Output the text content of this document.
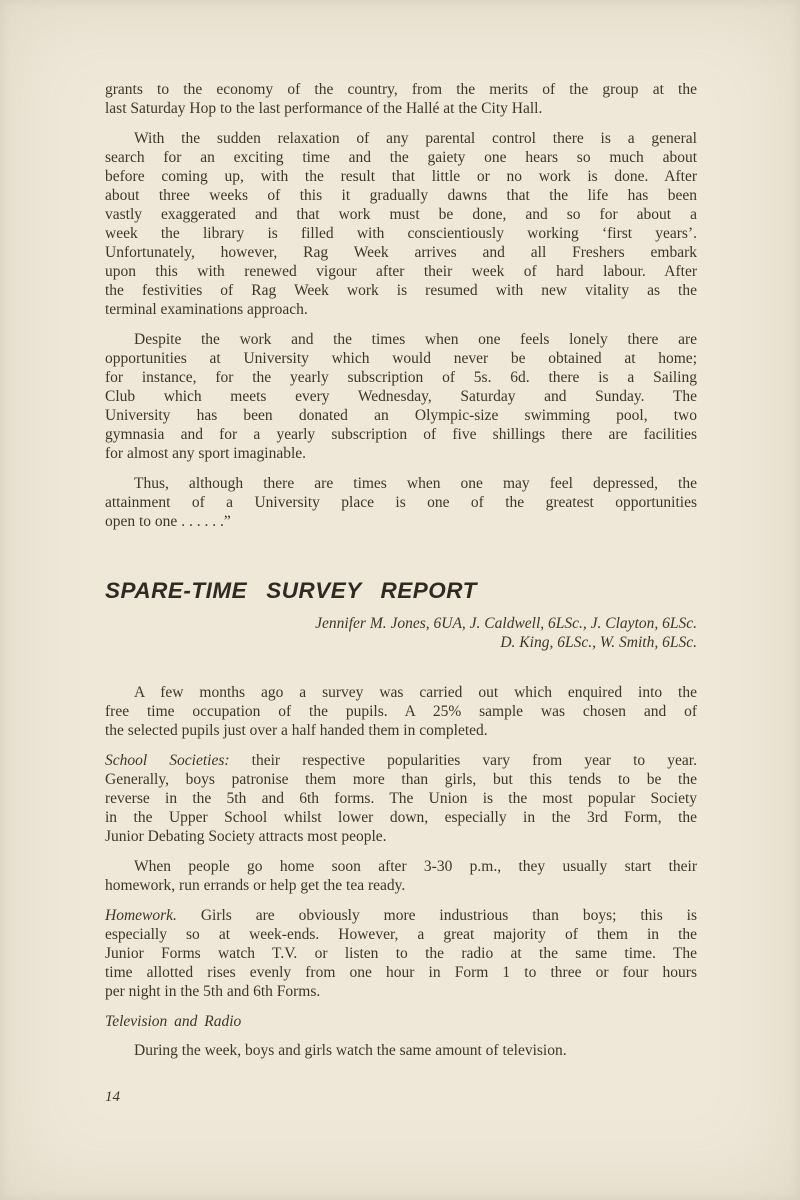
grants to the economy of the country, from the merits of the group at the
last Saturday Hop to the last performance of the Hallé at the City Hall.
With the sudden relaxation of any parental control there is a general
search for an exciting time and the gaiety one hears so much about
before coming up, with the result that little or no work is done. After
about three weeks of this it gradually dawns that the life has been
vastly exaggerated and that work must be done, and so for about a
week the library is filled with conscientiously working ‘first years’.
Unfortunately, however, Rag Week arrives and all Freshers embark
upon this with renewed vigour after their week of hard labour. After
the festivities of Rag Week work is resumed with new vitality as the
terminal examinations approach.
Despite the work and the times when one feels lonely there are
opportunities at University which would never be obtained at home;
for instance, for the yearly subscription of 5s. 6d. there is a Sailing
Club which meets every Wednesday, Saturday and Sunday. The
University has been donated an Olympic-size swimming pool, two
gymnasia and for a yearly subscription of five shillings there are facilities
for almost any sport imaginable.
Thus, although there are times when one may feel depressed, the
attainment of a University place is one of the greatest opportunities
open to one . . . . . .”
SPARE-TIME SURVEY REPORT
Jennifer M. Jones, 6UA, J. Caldwell, 6LSc., J. Clayton, 6LSc.
D. King, 6LSc., W. Smith, 6LSc.
A few months ago a survey was carried out which enquired into the
free time occupation of the pupils. A 25% sample was chosen and of
the selected pupils just over a half handed them in completed.
School Societies: their respective popularities vary from year to year.
Generally, boys patronise them more than girls, but this tends to be the
reverse in the 5th and 6th forms. The Union is the most popular Society
in the Upper School whilst lower down, especially in the 3rd Form, the
Junior Debating Society attracts most people.
When people go home soon after 3-30 p.m., they usually start their
homework, run errands or help get the tea ready.
Homework. Girls are obviously more industrious than boys; this is
especially so at week-ends. However, a great majority of them in the
Junior Forms watch T.V. or listen to the radio at the same time. The
time allotted rises evenly from one hour in Form 1 to three or four hours
per night in the 5th and 6th Forms.
Television and Radio
During the week, boys and girls watch the same amount of television.
14
